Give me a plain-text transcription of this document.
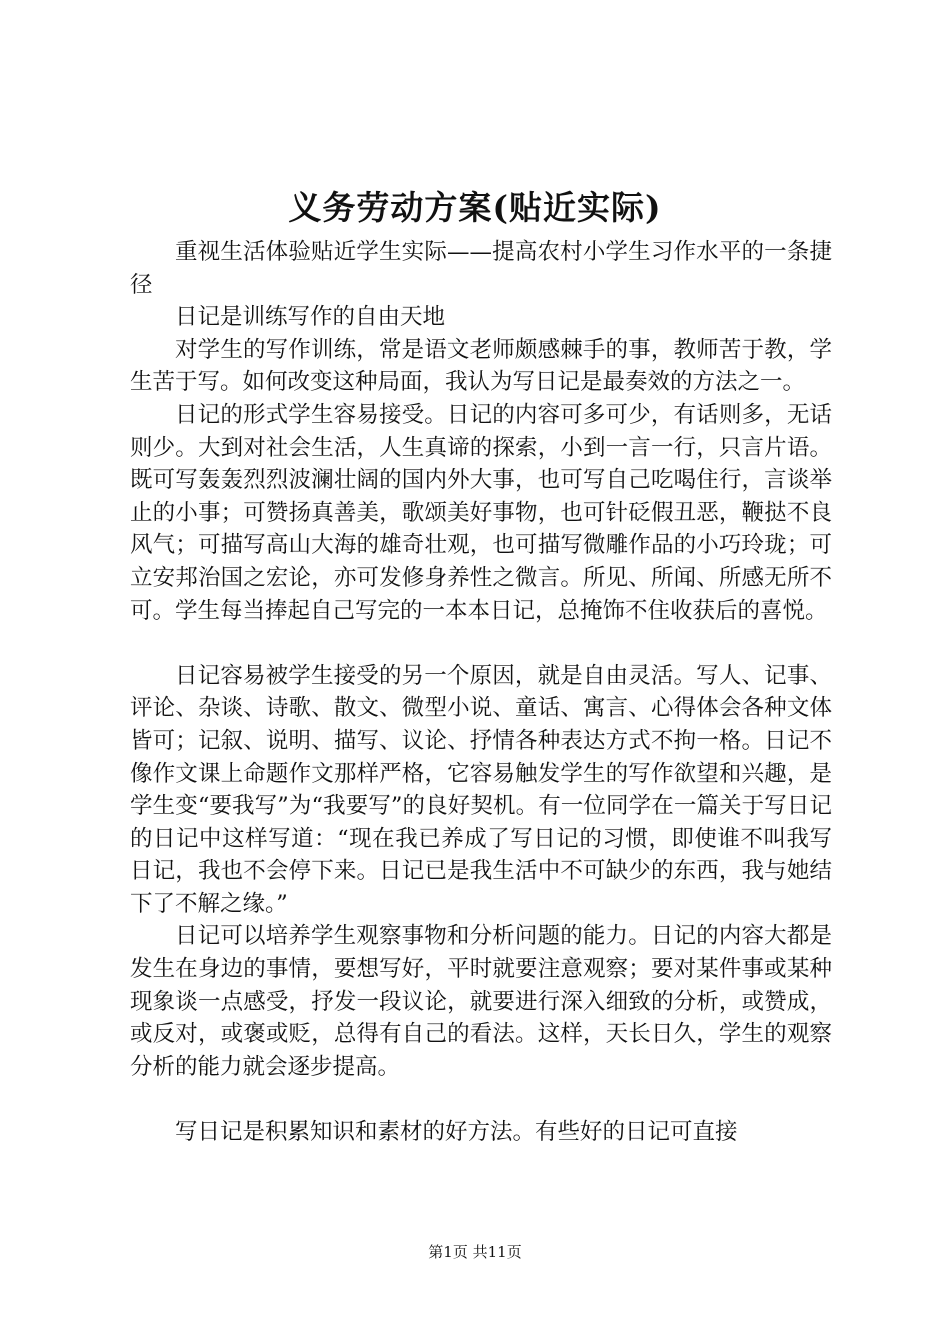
义务劳动方案(贴近实际)

重视生活体验贴近学生实际——提高农村小学生习作水平的一条捷径

日记是训练写作的自由天地

对学生的写作训练，常是语文老师颇感棘手的事，教师苦于教，学生苦于写。如何改变这种局面，我认为写日记是最奏效的方法之一。

日记的形式学生容易接受。日记的内容可多可少，有话则多，无话则少。大到对社会生活，人生真谛的探索，小到一言一行，只言片语。既可写轰轰烈烈波澜壮阔的国内外大事，也可写自己吃喝住行，言谈举止的小事；可赞扬真善美，歌颂美好事物，也可针砭假丑恶，鞭挞不良风气；可描写高山大海的雄奇壮观，也可描写微雕作品的小巧玲珑；可立安邦治国之宏论，亦可发修身养性之微言。所见、所闻、所感无所不可。学生每当捧起自己写完的一本本日记，总掩饰不住收获后的喜悦。

日记容易被学生接受的另一个原因，就是自由灵活。写人、记事、评论、杂谈、诗歌、散文、微型小说、童话、寓言、心得体会各种文体皆可；记叙、说明、描写、议论、抒情各种表达方式不拘一格。日记不像作文课上命题作文那样严格，它容易触发学生的写作欲望和兴趣，是学生变“要我写”为“我要写”的良好契机。有一位同学在一篇关于写日记的日记中这样写道：“现在我已养成了写日记的习惯，即使谁不叫我写日记，我也不会停下来。日记已是我生活中不可缺少的东西，我与她结下了不解之缘。”

日记可以培养学生观察事物和分析问题的能力。日记的内容大都是发生在身边的事情，要想写好，平时就要注意观察；要对某件事或某种现象谈一点感受，抒发一段议论，就要进行深入细致的分析，或赞成，或反对，或褒或贬，总得有自己的看法。这样，天长日久，学生的观察分析的能力就会逐步提高。

写日记是积累知识和素材的好方法。有些好的日记可直接

第1页 共11页
